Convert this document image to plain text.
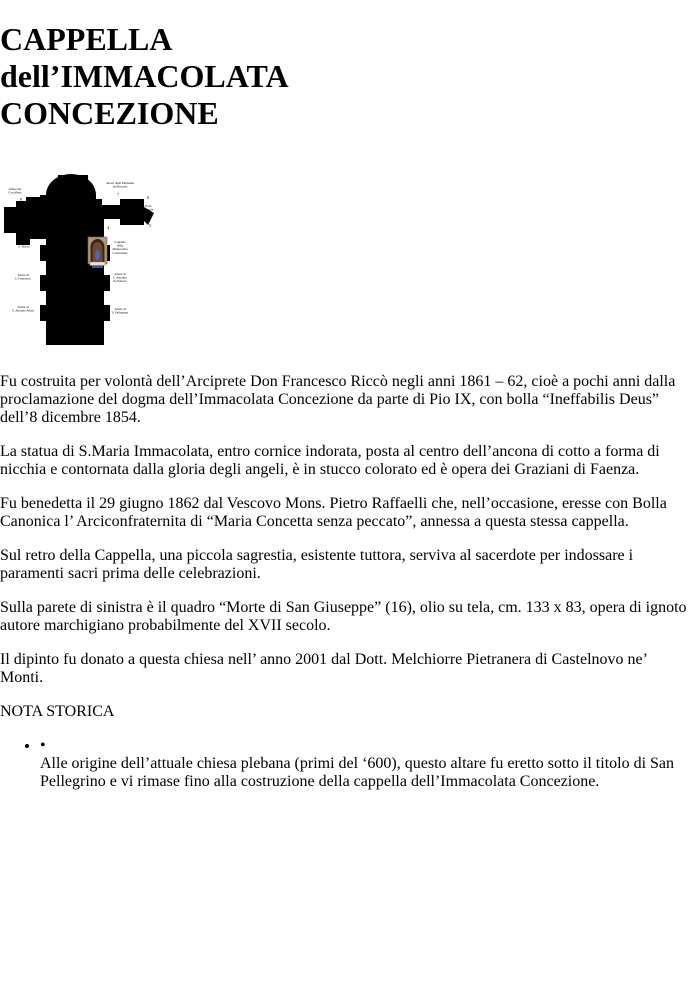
CAPPELLA
dell’IMMACOLATA
CONCEZIONE
A	B
C	D
8
7
9	6
5
4
17
16
10
11
13
Altare del Crocifisso
Altare di Santa Maria Assunta
Altare della Madonna del Rosario
Porta Laterale
Porta Laterale
Cappella della Immacolata Concezione
Altare di S. Rocco
Altare di S. Francesco
Altare di S. Antonio Abate
Altare di S. Antonio da Padova
Altare di S. Pellegrino

Fu costruita per volontà dell’Arciprete Don Francesco Riccò negli anni 1861 – 62, cioè a pochi anni dalla proclamazione del dogma dell’Immacolata Concezione da parte di Pio IX, con bolla “Ineffabilis Deus” dell’8 dicembre 1854.

La statua di S.Maria Immacolata, entro cornice indorata, posta al centro dell’ancona di cotto a forma di nicchia e contornata dalla gloria degli angeli, è in stucco colorato ed è opera dei Graziani di Faenza.

Fu benedetta il 29 giugno 1862 dal Vescovo Mons. Pietro Raffaelli che, nell’occasione, eresse con Bolla Canonica l’ Arciconfraternita di “Maria Concetta senza peccato”, annessa a questa stessa cappella.

Sul retro della Cappella, una piccola sagrestia, esistente tuttora, serviva al sacerdote per indossare i paramenti sacri prima delle celebrazioni.

Sulla parete di sinistra è il quadro “Morte di San Giuseppe” (16), olio su tela, cm. 133 x 83, opera di ignoto autore marchigiano probabilmente del XVII secolo.

Il dipinto fu donato a questa chiesa nell’ anno 2001 dal Dott. Melchiorre Pietranera di Castelnovo ne’ Monti.

NOTA STORICA
• •
Alle origine dell’attuale chiesa plebana (primi del ‘600), questo altare fu eretto sotto il titolo di San Pellegrino e vi rimase fino alla costruzione della cappella dell’Immacolata Concezione.
